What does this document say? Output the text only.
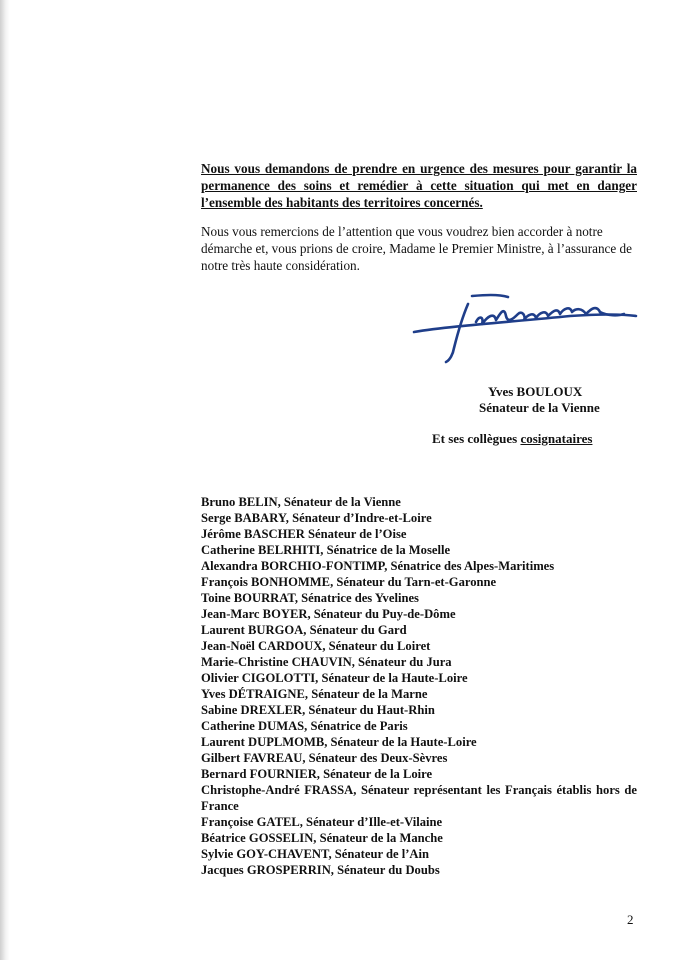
Nous vous demandons de prendre en urgence des mesures pour garantir la permanence des soins et remédier à cette situation qui met en danger l’ensemble des habitants des territoires concernés.

Nous vous remercions de l’attention que vous voudrez bien accorder à notre démarche et, vous prions de croire, Madame le Premier Ministre, à l’assurance de notre très haute considération.

Yves BOULOUX
Sénateur de la Vienne
Et ses collègues cosignataires
Bruno BELIN, Sénateur de la Vienne
Serge BABARY, Sénateur d’Indre-et-Loire
Jérôme BASCHER Sénateur de l’Oise
Catherine BELRHITI, Sénatrice de la Moselle
Alexandra BORCHIO-FONTIMP, Sénatrice des Alpes-Maritimes
François BONHOMME, Sénateur du Tarn-et-Garonne
Toine BOURRAT, Sénatrice des Yvelines
Jean-Marc BOYER, Sénateur du Puy-de-Dôme
Laurent BURGOA, Sénateur du Gard
Jean-Noël CARDOUX, Sénateur du Loiret
Marie-Christine CHAUVIN, Sénateur du Jura
Olivier CIGOLOTTI, Sénateur de la Haute-Loire
Yves DÉTRAIGNE, Sénateur de la Marne
Sabine DREXLER, Sénateur du Haut-Rhin
Catherine DUMAS, Sénatrice de Paris
Laurent DUPLMOMB, Sénateur de la Haute-Loire
Gilbert FAVREAU, Sénateur des Deux-Sèvres
Bernard FOURNIER, Sénateur de la Loire
Christophe-André FRASSA, Sénateur représentant les Français établis hors de France
Françoise GATEL, Sénateur d’Ille-et-Vilaine
Béatrice GOSSELIN, Sénateur de la Manche
Sylvie GOY-CHAVENT, Sénateur de l’Ain
Jacques GROSPERRIN, Sénateur du Doubs
2
